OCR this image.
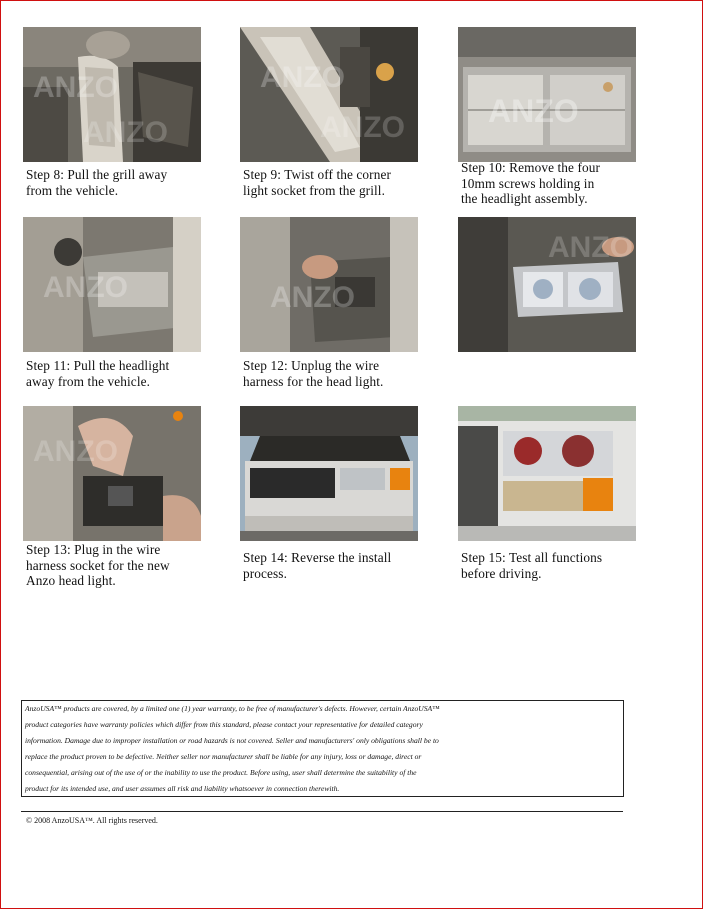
ANZO
ANZO
Step 8: Pull the grill away
from the vehicle.
ANZO
ANZO
Step 9: Twist off the corner
light socket from the grill.
ANZO
Step 10: Remove the four
10mm screws holding in
the headlight assembly.
ANZO
Step 11: Pull the headlight
away from the vehicle.
ANZO
Step 12: Unplug the wire
harness for the head light.
ANZO
ANZO
Step 13: Plug in the wire
harness socket for the new
Anzo head light.
Step 14: Reverse the install
process.
Step 15: Test all functions
before driving.
AnzoUSA™ products are covered, by a limited one (1) year warranty, to be free of manufacturer's defects. However, certain AnzoUSA™
product categories have warranty policies which differ from this standard, please contact your representative for detailed category
information. Damage due to improper installation or road hazards is not covered. Seller and manufacturers' only obligations shall be to
replace the product proven to be defective. Neither seller nor manufacturer shall be liable for any injury, loss or damage, direct or
consequential, arising out of the use of or the inability to use the product. Before using, user shall determine the suitability of the
product for its intended use, and user assumes all risk and liability whatsoever in connection therewith.
© 2008 AnzoUSA™. All rights reserved.
